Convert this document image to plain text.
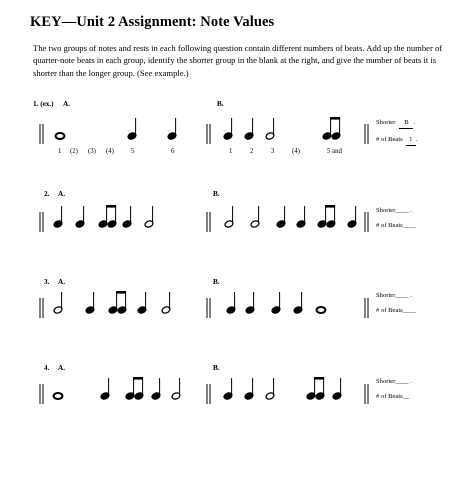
KEY—Unit 2 Assignment: Note Values
The two groups of notes and rests in each following question contain different numbers of beats. Add up the number of quarter-note beats in each group, identify the shorter group in the blank at the right, and give the number of beats it is shorter than the longer group. (See example.)
1. (ex.) A.	B.
1 (2) (3) (4)	5	6	1	2	3	(4)	5 and
Shorter B .
# of Beats 1 .
2. A.	B.
Shorter____ .
# of Beats____
3. A.	B.
Shorter____ .
# of Beats____
4. A.	B.
Shorter____ .
# of Beats__
